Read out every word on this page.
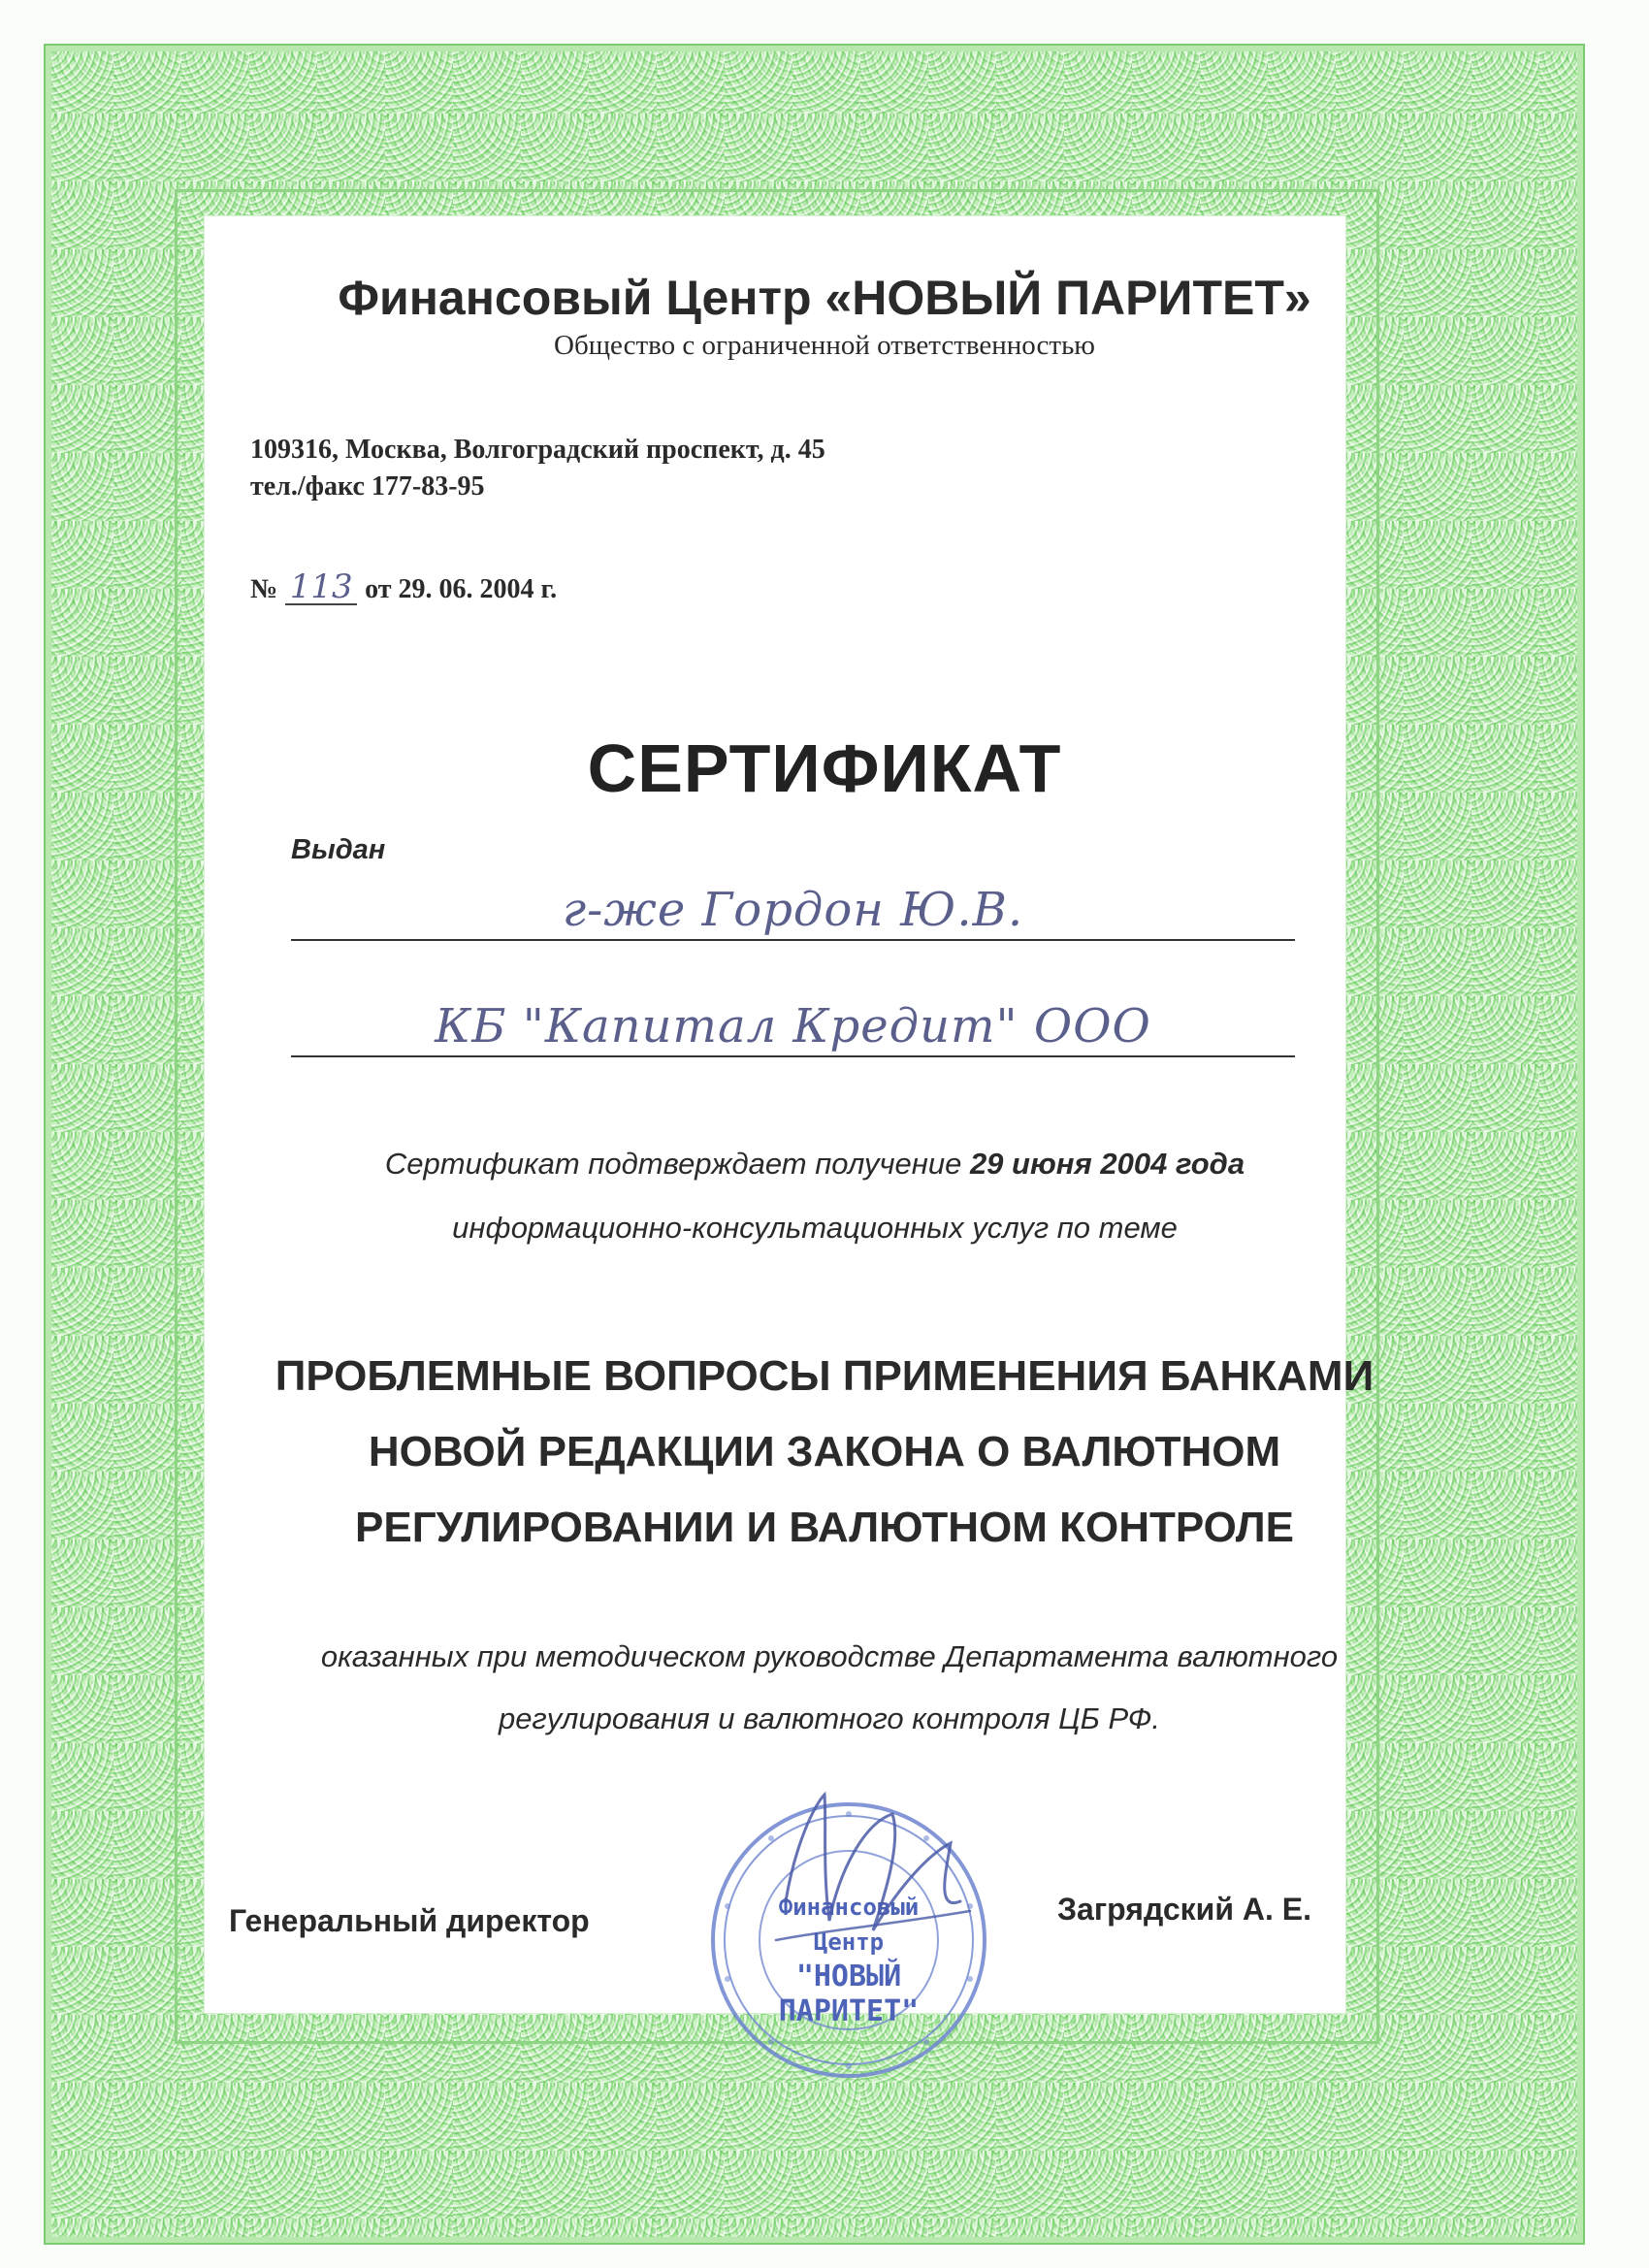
Финансовый Центр «НОВЫЙ ПАРИТЕТ»
Общество с ограниченной ответственностью
109316, Москва, Волгоградский проспект, д. 45
тел./факс 177-83-95
№ 113 от 29. 06. 2004 г.
СЕРТИФИКАТ
Выдан
г-же Гордон Ю.В.
КБ "Капитал Кредит" ООО
Сертификат подтверждает получение 29 июня 2004 года
информационно-консультационных услуг по теме
ПРОБЛЕМНЫЕ ВОПРОСЫ ПРИМЕНЕНИЯ БАНКАМИ
НОВОЙ РЕДАКЦИИ ЗАКОНА О ВАЛЮТНОМ
РЕГУЛИРОВАНИИ И ВАЛЮТНОМ КОНТРОЛЕ
оказанных при методическом руководстве Департамента валютного
регулирования и валютного контроля ЦБ РФ.
Генеральный директор	Загрядский А. Е.
Финансовый
Центр
"НОВЫЙ
ПАРИТЕТ"
